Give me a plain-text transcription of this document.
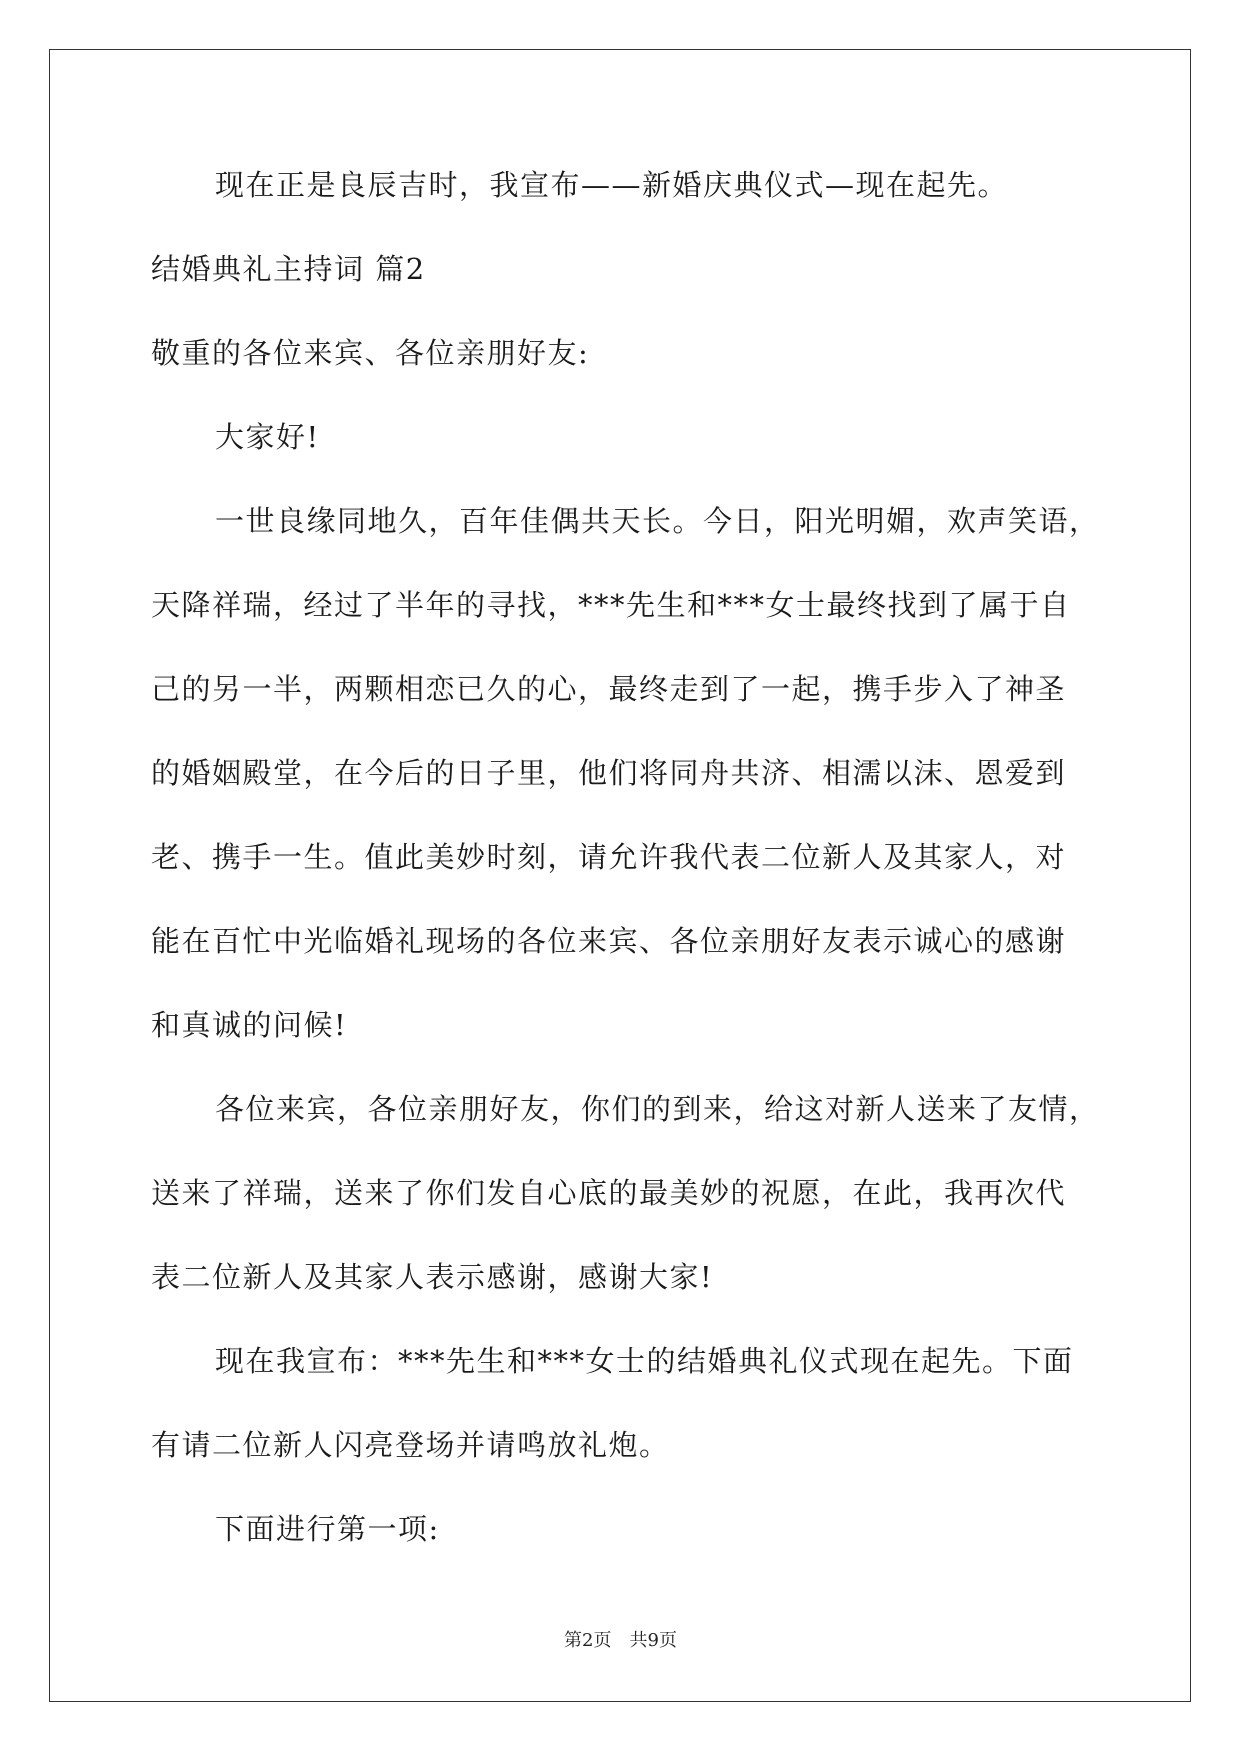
现在正是良辰吉时，我宣布——新婚庆典仪式—现在起先。
结婚典礼主持词 篇2
敬重的各位来宾、各位亲朋好友:
大家好!
一世良缘同地久，百年佳偶共天长。今日，阳光明媚，欢声笑语，
天降祥瑞，经过了半年的寻找，***先生和***女士最终找到了属于自
己的另一半，两颗相恋已久的心，最终走到了一起，携手步入了神圣
的婚姻殿堂，在今后的日子里，他们将同舟共济、相濡以沫、恩爱到
老、携手一生。值此美妙时刻，请允许我代表二位新人及其家人，对
能在百忙中光临婚礼现场的各位来宾、各位亲朋好友表示诚心的感谢
和真诚的问候!
各位来宾，各位亲朋好友，你们的到来，给这对新人送来了友情，
送来了祥瑞，送来了你们发自心底的最美妙的祝愿，在此，我再次代
表二位新人及其家人表示感谢，感谢大家!
现在我宣布：***先生和***女士的结婚典礼仪式现在起先。下面
有请二位新人闪亮登场并请鸣放礼炮。
下面进行第一项:
第2页　共9页
